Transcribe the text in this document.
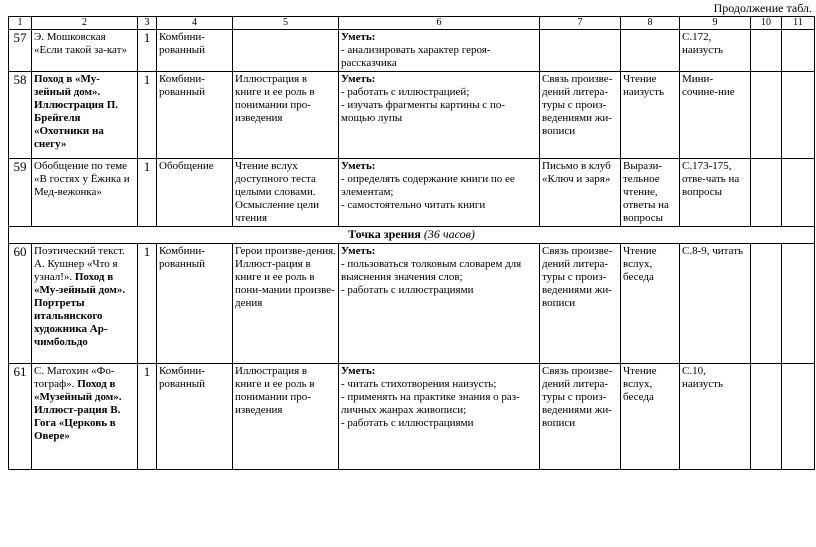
Продолжение табл.
1	2	3	4	5	6	7	8	9	10	11
57	Э. Мошковская «Если такой за-кат»	1	Комбини-рованный		Уметь:
- анализировать характер героя-рассказчика			С.172, наизусть		
58	Поход в «Му-зейный дом». Иллюстрация П. Брейгеля «Охотники на снегу»	1	Комбини-рованный	Иллюстрация в книге и ее роль в понимании про-изведения	Уметь:
- работать с иллюстрацией;
- изучать фрагменты картины с по-мощью лупы	Связь произве-дений литера-туры с произ-ведениями жи-вописи	Чтение наизусть	Мини-сочине-ние		
59	Обобщение по теме «В гостях у Ёжика и Мед-вежонка»	1	Обобщение	Чтение вслух доступного теста целыми словами. Осмысление цели чтения	Уметь:
- определять содержание книги по ее элементам;
- самостоятельно читать книги	Письмо в клуб «Ключ и заря»	Вырази-тельное чтение, ответы на вопросы	С.173-175, отве-чать на вопросы		
Точка зрения (36 часов)										
60	Поэтический текст. А. Кушнер «Что я узнал!». Поход в «Му-зейный дом». Портреты итальянского художника Ар-чимбольдо	1	Комбини-рованный	Герои произве-дения. Иллюст-рация в книге и ее роль в пони-мании произве-дения	Уметь:
- пользоваться толковым словарем для выяснения значения слов;
- работать с иллюстрациями	Связь произве-дений литера-туры с произ-ведениями жи-вописи	Чтение вслух, беседа	С.8-9, читать		
61	С. Матохин «Фо-тограф». Поход в «Музейный дом». Иллюст-рация В. Гога «Церковь в Овере»	1	Комбини-рованный	Иллюстрация в книге и ее роль в понимании про-изведения	Уметь:
- читать стихотворения наизусть;
- применять на практике знания о раз-личных жанрах живописи;
- работать с иллюстрациями	Связь произве-дений литера-туры с произ-ведениями жи-вописи	Чтение вслух, беседа	С.10, наизусть		
